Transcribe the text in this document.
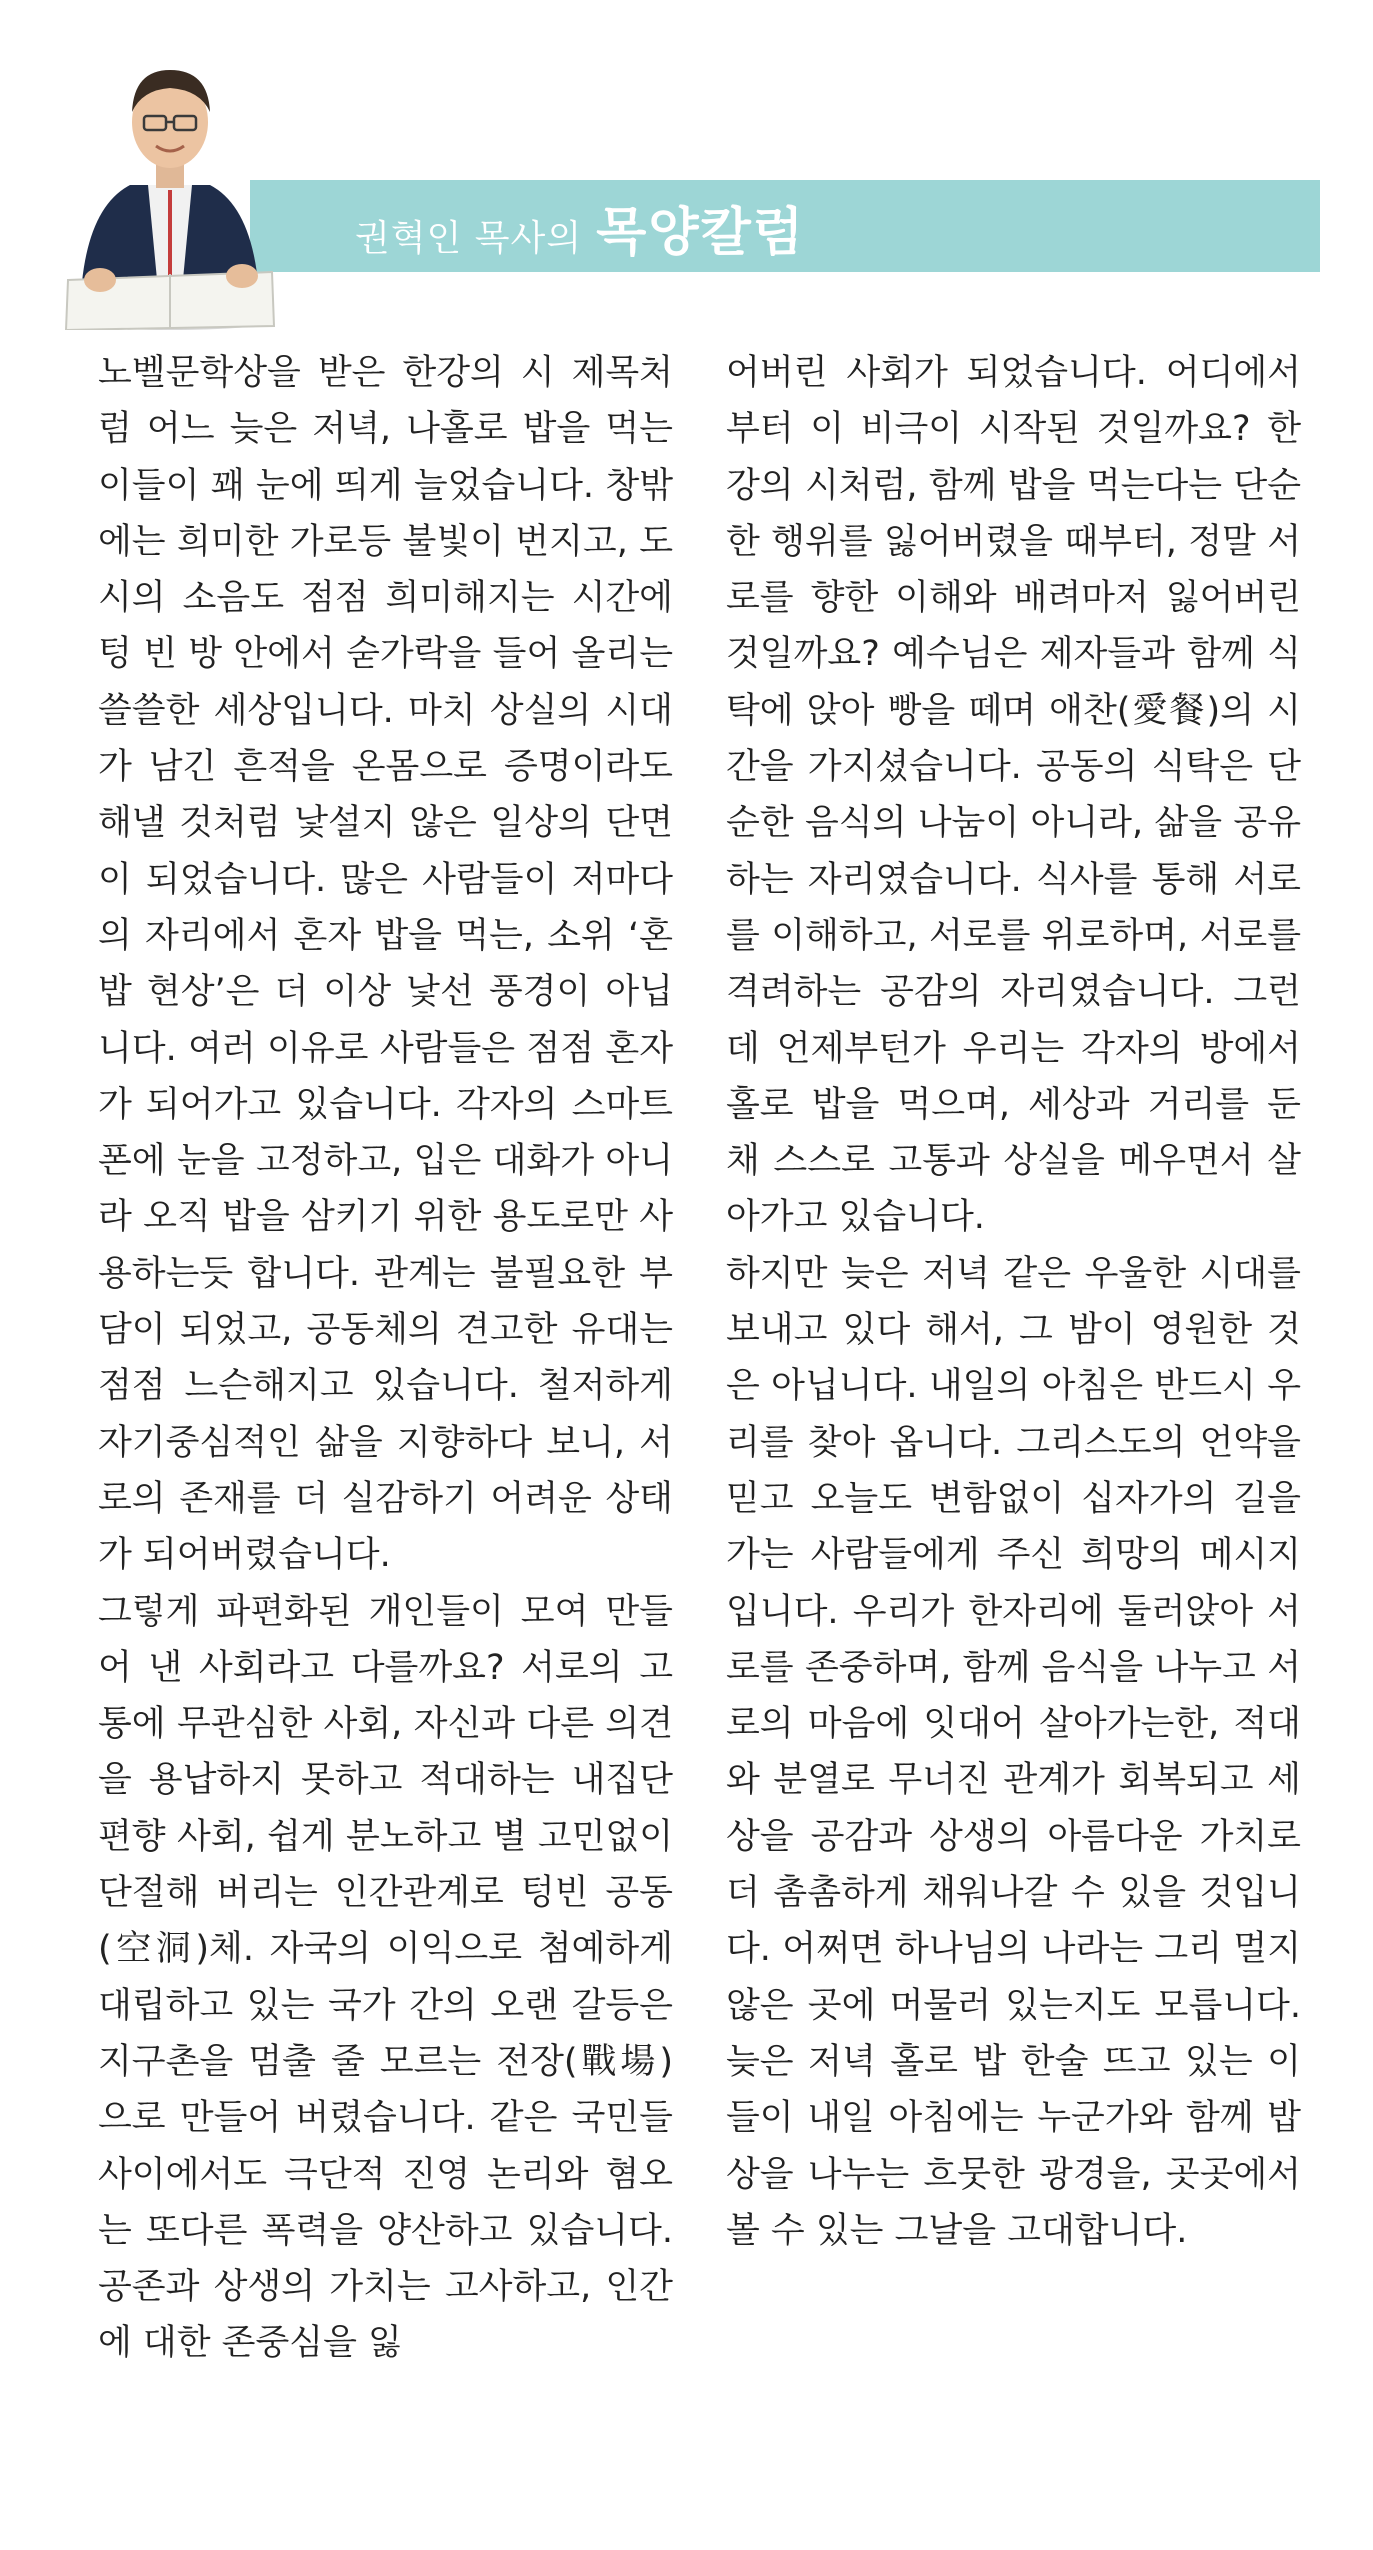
권혁인 목사의 목양칼럼

노벨문학상을 받은 한강의 시 제목처럼 어느 늦은 저녁, 나홀로 밥을 먹는 이들이 꽤 눈에 띄게 늘었습니다. 창밖에는 희미한 가로등 불빛이 번지고, 도시의 소음도 점점 희미해지는 시간에 텅 빈 방 안에서 숟가락을 들어 올리는 쓸쓸한 세상입니다. 마치 상실의 시대가 남긴 흔적을 온몸으로 증명이라도 해낼 것처럼 낯설지 않은 일상의 단면이 되었습니다. 많은 사람들이 저마다의 자리에서 혼자 밥을 먹는, 소위 ‘혼밥 현상’은 더 이상 낯선 풍경이 아닙니다. 여러 이유로 사람들은 점점 혼자가 되어가고 있습니다. 각자의 스마트폰에 눈을 고정하고, 입은 대화가 아니라 오직 밥을 삼키기 위한 용도로만 사용하는듯 합니다. 관계는 불필요한 부담이 되었고, 공동체의 견고한 유대는 점점 느슨해지고 있습니다. 철저하게 자기중심적인 삶을 지향하다 보니, 서로의 존재를 더 실감하기 어려운 상태가 되어버렸습니다.

그렇게 파편화된 개인들이 모여 만들어 낸 사회라고 다를까요? 서로의 고통에 무관심한 사회, 자신과 다른 의견을 용납하지 못하고 적대하는 내집단 편향 사회, 쉽게 분노하고 별 고민없이 단절해 버리는 인간관계로 텅빈 공동(空洞)체. 자국의 이익으로 첨예하게 대립하고 있는 국가 간의 오랜 갈등은 지구촌을 멈출 줄 모르는 전장(戰場)으로 만들어 버렸습니다. 같은 국민들 사이에서도 극단적 진영 논리와 혐오는 또다른 폭력을 양산하고 있습니다. 공존과 상생의 가치는 고사하고, 인간에 대한 존중심을 잃

어버린 사회가 되었습니다. 어디에서부터 이 비극이 시작된 것일까요? 한강의 시처럼, 함께 밥을 먹는다는 단순한 행위를 잃어버렸을 때부터, 정말 서로를 향한 이해와 배려마저 잃어버린 것일까요? 예수님은 제자들과 함께 식탁에 앉아 빵을 떼며 애찬(愛餐)의 시간을 가지셨습니다. 공동의 식탁은 단순한 음식의 나눔이 아니라, 삶을 공유하는 자리였습니다. 식사를 통해 서로를 이해하고, 서로를 위로하며, 서로를 격려하는 공감의 자리였습니다. 그런데 언제부턴가 우리는 각자의 방에서 홀로 밥을 먹으며, 세상과 거리를 둔 채 스스로 고통과 상실을 메우면서 살아가고 있습니다.

하지만 늦은 저녁 같은 우울한 시대를 보내고 있다 해서, 그 밤이 영원한 것은 아닙니다. 내일의 아침은 반드시 우리를 찾아 옵니다. 그리스도의 언약을 믿고 오늘도 변함없이 십자가의 길을 가는 사람들에게 주신 희망의 메시지입니다. 우리가 한자리에 둘러앉아 서로를 존중하며, 함께 음식을 나누고 서로의 마음에 잇대어 살아가는한, 적대와 분열로 무너진 관계가 회복되고 세상을 공감과 상생의 아름다운 가치로 더 촘촘하게 채워나갈 수 있을 것입니다. 어쩌면 하나님의 나라는 그리 멀지 않은 곳에 머물러 있는지도 모릅니다. 늦은 저녁 홀로 밥 한술 뜨고 있는 이들이 내일 아침에는 누군가와 함께 밥상을 나누는 흐뭇한 광경을, 곳곳에서 볼 수 있는 그날을 고대합니다.
